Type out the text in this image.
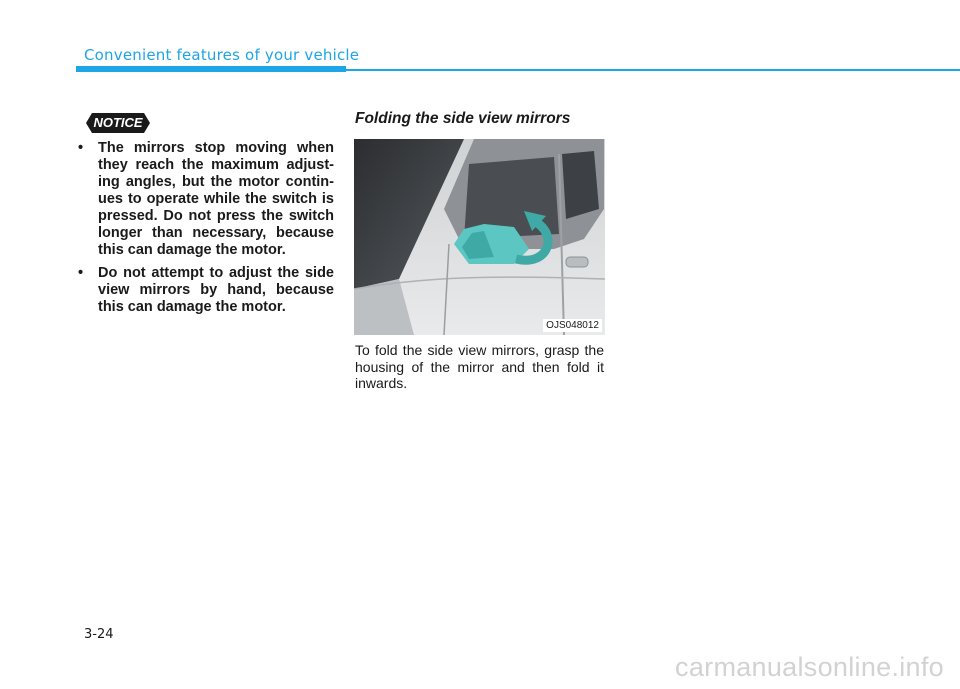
Convenient features of your vehicle
NOTICE
• The mirrors stop moving when they reach the maximum adjust-ing angles, but the motor contin-ues to operate while the switch is pressed. Do not press the switch longer than necessary, because this can damage the motor.
• Do not attempt to adjust the side view mirrors by hand, because this can damage the motor.
Folding the side view mirrors
OJS048012

To fold the side view mirrors, grasp the housing of the mirror and then fold it inwards.

3-24
carmanualsonline.info
